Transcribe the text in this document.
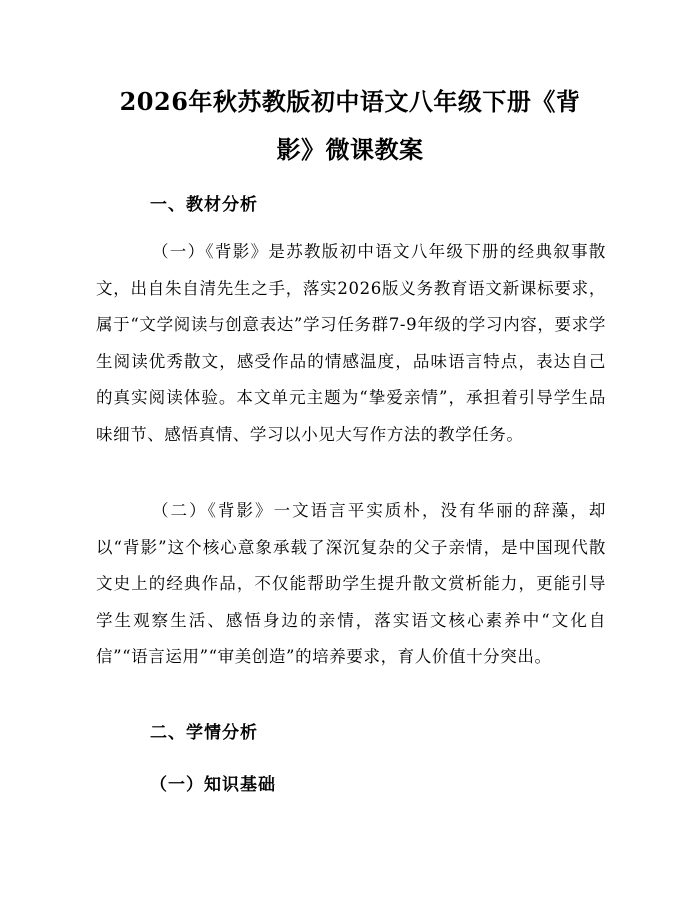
2026年秋苏教版初中语文八年级下册《背
影》微课教案
一、教材分析

（一）《背影》是苏教版初中语文八年级下册的经典叙事散文，出自朱自清先生之手，落实2026版义务教育语文新课标要求，属于“文学阅读与创意表达”学习任务群7-9年级的学习内容，要求学生阅读优秀散文，感受作品的情感温度，品味语言特点，表达自己的真实阅读体验。本文单元主题为“挚爱亲情”，承担着引导学生品味细节、感悟真情、学习以小见大写作方法的教学任务。

（二）《背影》一文语言平实质朴，没有华丽的辞藻，却以“背影”这个核心意象承载了深沉复杂的父子亲情，是中国现代散文史上的经典作品，不仅能帮助学生提升散文赏析能力，更能引导学生观察生活、感悟身边的亲情，落实语文核心素养中“文化自信”“语言运用”“审美创造”的培养要求，育人价值十分突出。

二、学情分析
（一）知识基础
